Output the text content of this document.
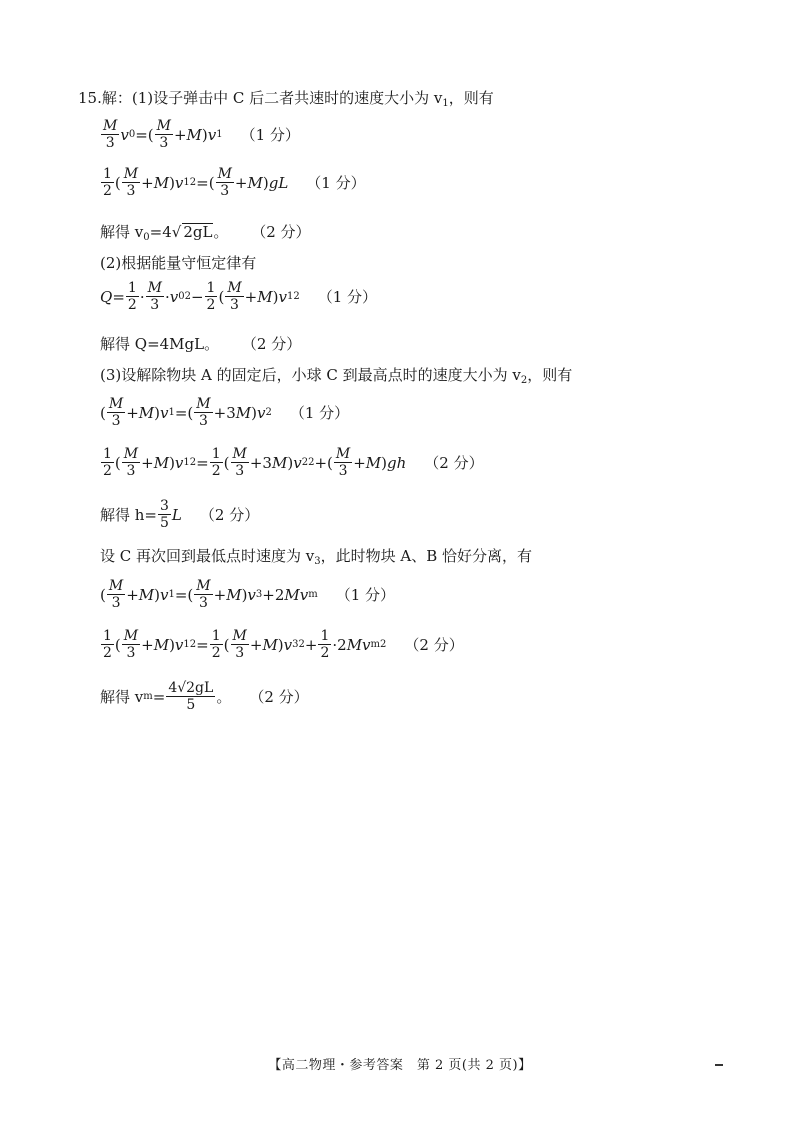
15.解：(1)设子弹击中 C 后二者共速时的速度大小为 $v_1$，则有
$\frac{M}{3}$ v 0 =( $\frac{M}{3} + M$ ) v 1 （1 分）
$\frac{1}{2}$ ( $\frac{M}{3} + M$ ) v 1 2 =( $\frac{M}{3} + M$ ) gL （1 分）
解得 $v_0=4√$ 2gL。 （2 分）
(2)根据能量守恒定律有
$Q = \frac{1}{2} \cdot \frac{M}{3} \cdot v$ 0 $2 - \frac{1}{2}$ ( $\frac{M}{3} + M$ ) v 1 2 （1 分）
解得 Q=4MgL。 （2 分）
(3)设解除物块 A 的固定后，小球 C 到最高点时的速度大小为 $v_2$，则有
( $\frac{M}{3} + M$ ) v 1 =( $\frac{M}{3} +3$ M ) v 2 （1 分）
$\frac{1}{2}$ ( $\frac{M}{3} + M$ ) v 1 $2 = \frac{1}{2}$ ( $\frac{M}{3} +3$ M ) v 2 2 +( $\frac{M}{3} + M$ ) gh （2 分）
解得 $h= \frac{3}{5}$ L （2 分）
设 C 再次回到最低点时速度为 $v_3$，此时物块 A、B 恰好分离，有
( $\frac{M}{3} + M$ ) v 1 =( $\frac{M}{3} + M$ ) v 3 +2 Mv m （1 分）
$\frac{1}{2}$ ( $\frac{M}{3} + M$ ) v 1 $2 = \frac{1}{2}$ ( $\frac{M}{3} + M$ ) v 3 $2 + \frac{1}{2} \cdot 2$ Mv m 2 （2 分）
解得 v $m = \frac{4√2gL}{5}$ 。 （2 分）
【高二物理・参考答案　第 2 页(共 2 页)】
